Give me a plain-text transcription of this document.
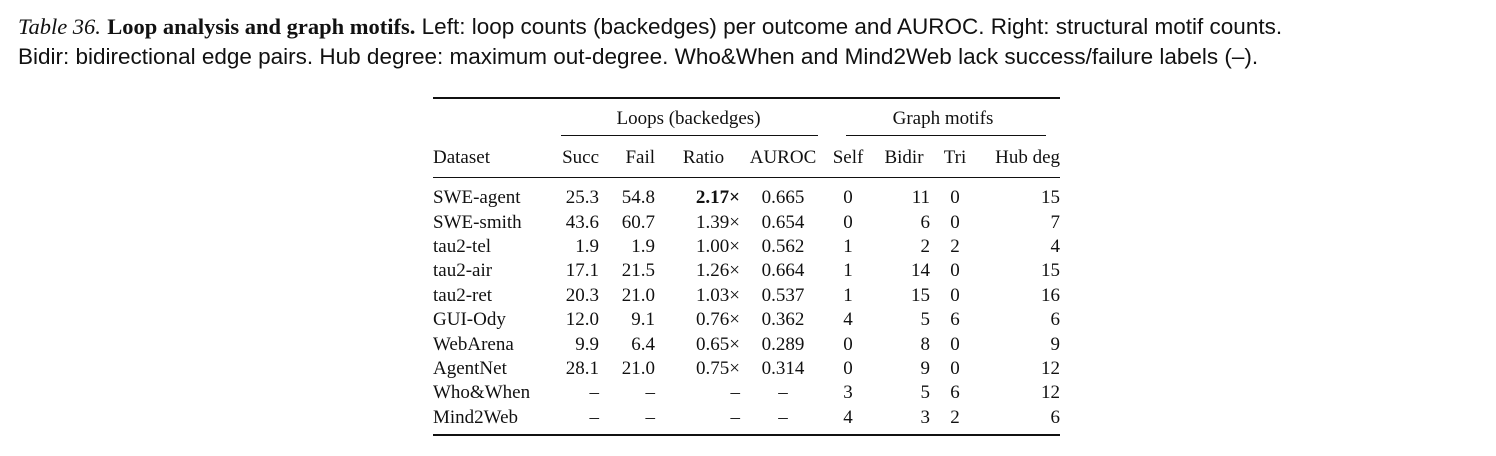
Table 36. Loop analysis and graph motifs. Left: loop counts (backedges) per outcome and AUROC. Right: structural motif counts.
Bidir: bidirectional edge pairs. Hub degree: maximum out-degree. Who&When and Mind2Web lack success/failure labels (–).

	Loops (backedges)				Graph motifs			

Dataset	Succ	Fail	Ratio	AUROC	Self	Bidir	Tri	Hub deg
SWE-agent	25.3	54.8	2.17×	0.665	0	11	0	15
SWE-smith	43.6	60.7	1.39×	0.654	0	6	0	7
tau2-tel	1.9	1.9	1.00×	0.562	1	2	2	4
tau2-air	17.1	21.5	1.26×	0.664	1	14	0	15
tau2-ret	20.3	21.0	1.03×	0.537	1	15	0	16
GUI-Ody	12.0	9.1	0.76×	0.362	4	5	6	6
WebArena	9.9	6.4	0.65×	0.289	0	8	0	9
AgentNet	28.1	21.0	0.75×	0.314	0	9	0	12
Who&When	–	–	–	–	3	5	6	12
Mind2Web	–	–	–	–	4	3	2	6
